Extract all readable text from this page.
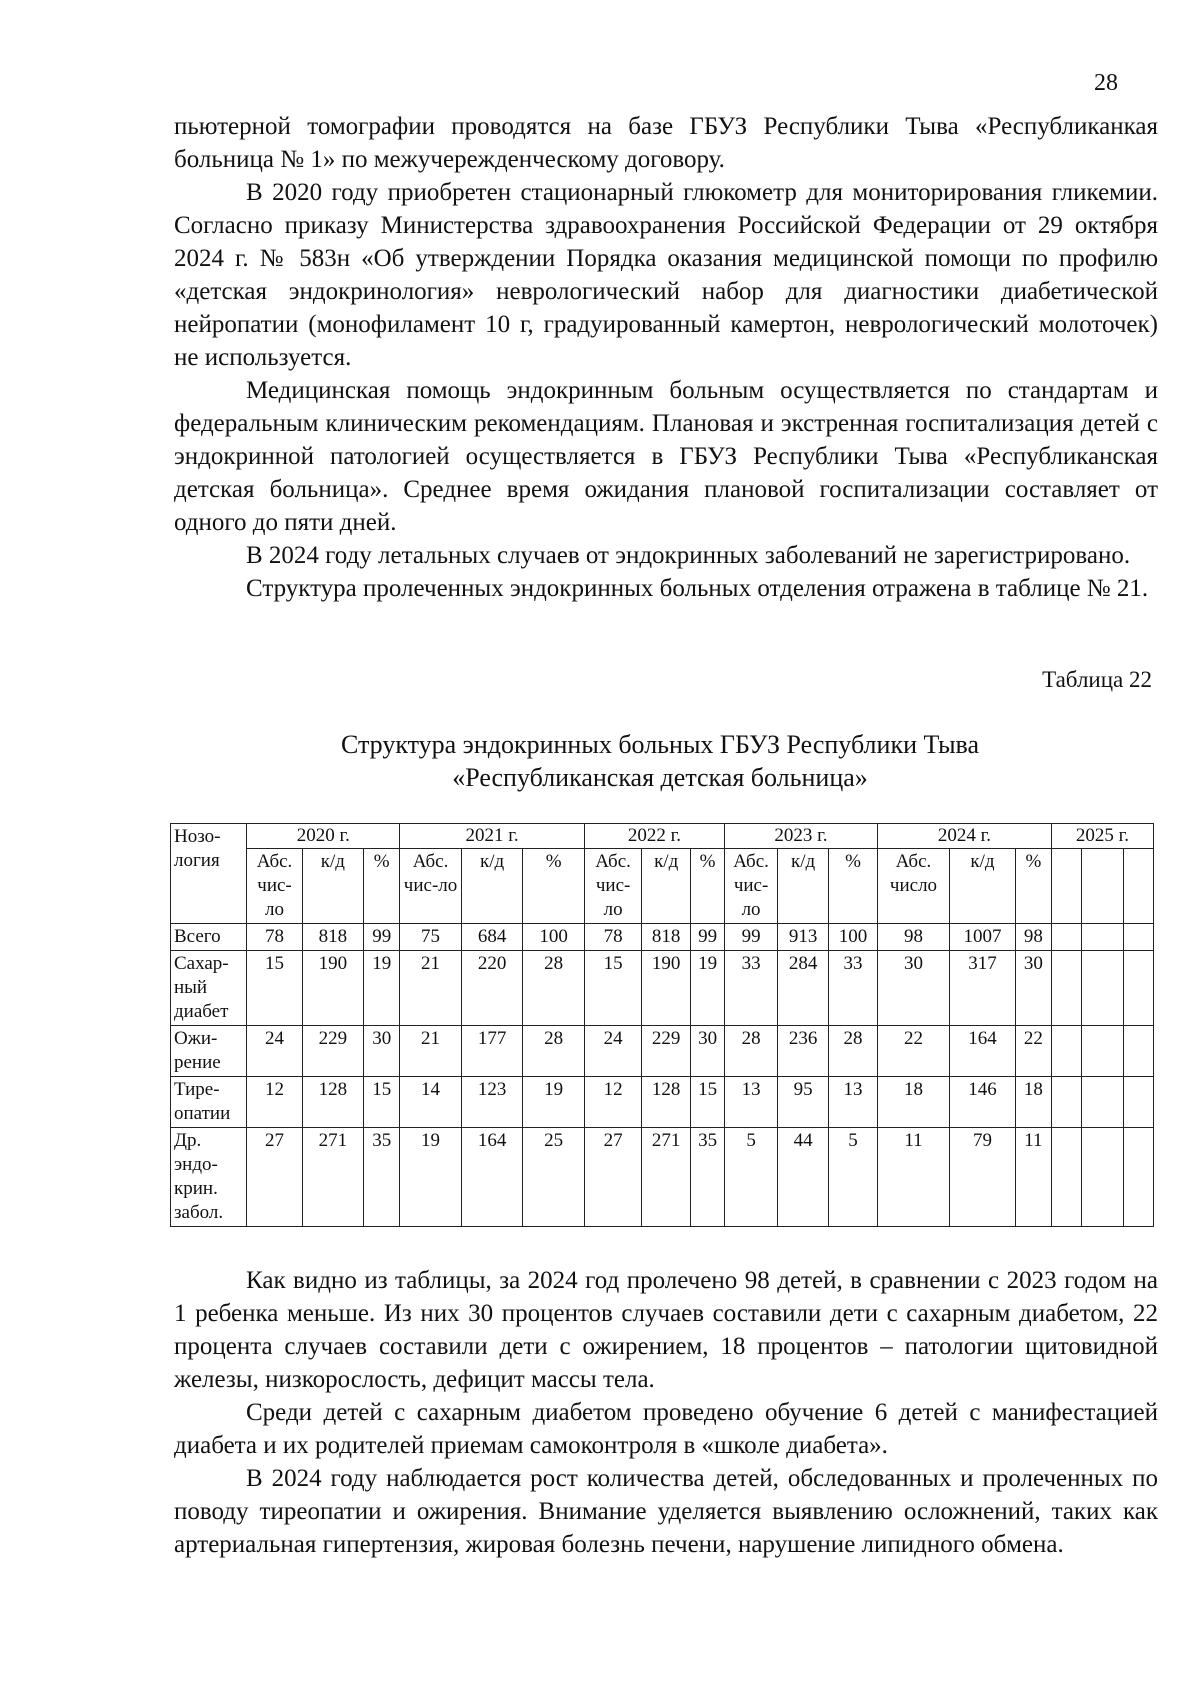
28

пьютерной томографии проводятся на базе ГБУЗ Республики Тыва «Республиканкая больница № 1» по межучережденческому договору.

В 2020 году приобретен стационарный глюкометр для мониторирования гликемии. Согласно приказу Министерства здравоохранения Российской Федерации от 29 октября 2024 г. № 583н «Об утверждении Порядка оказания медицинской помощи по профилю «детская эндокринология» неврологический набор для диагностики диабетической нейропатии (монофиламент 10 г, градуированный камертон, неврологический молоточек) не используется.

Медицинская помощь эндокринным больным осуществляется по стандартам и федеральным клиническим рекомендациям. Плановая и экстренная госпитализация детей с эндокринной патологией осуществляется в ГБУЗ Республики Тыва «Республиканская детская больница». Среднее время ожидания плановой госпитализации составляет от одного до пяти дней.

В 2024 году летальных случаев от эндокринных заболеваний не зарегистрировано.

Структура пролеченных эндокринных больных отделения отражена в таблице № 21.

Таблица 22
Структура эндокринных больных ГБУЗ Республики Тыва
«Республиканская детская больница»
Нозо-логия	2020 г.			2021 г.			2022 г.			2023 г.			2024 г.			2025 г.		
	Абс. чис-ло	к/д	%	Абс. чис-ло	к/д	%	Абс. чис-ло	к/д	%	Абс. чис-ло	к/д	%	Абс. число	к/д	%			
Всего	78	818	99	75	684	100	78	818	99	99	913	100	98	1007	98			
Сахар-ный диабет	15	190	19	21	220	28	15	190	19	33	284	33	30	317	30			
Ожи-рение	24	229	30	21	177	28	24	229	30	28	236	28	22	164	22			
Тире-опатии	12	128	15	14	123	19	12	128	15	13	95	13	18	146	18			
Др. эндо-крин. забол.	27	271	35	19	164	25	27	271	35	5	44	5	11	79	11			

Как видно из таблицы, за 2024 год пролечено 98 детей, в сравнении с 2023 годом на 1 ребенка меньше. Из них 30 процентов случаев составили дети с сахарным диабетом, 22 процента случаев составили дети с ожирением, 18 процентов – патологии щитовидной железы, низкорослость, дефицит массы тела.

Среди детей с сахарным диабетом проведено обучение 6 детей с манифестацией диабета и их родителей приемам самоконтроля в «школе диабета».

В 2024 году наблюдается рост количества детей, обследованных и пролеченных по поводу тиреопатии и ожирения. Внимание уделяется выявлению осложнений, таких как артериальная гипертензия, жировая болезнь печени, нарушение липидного обмена.
